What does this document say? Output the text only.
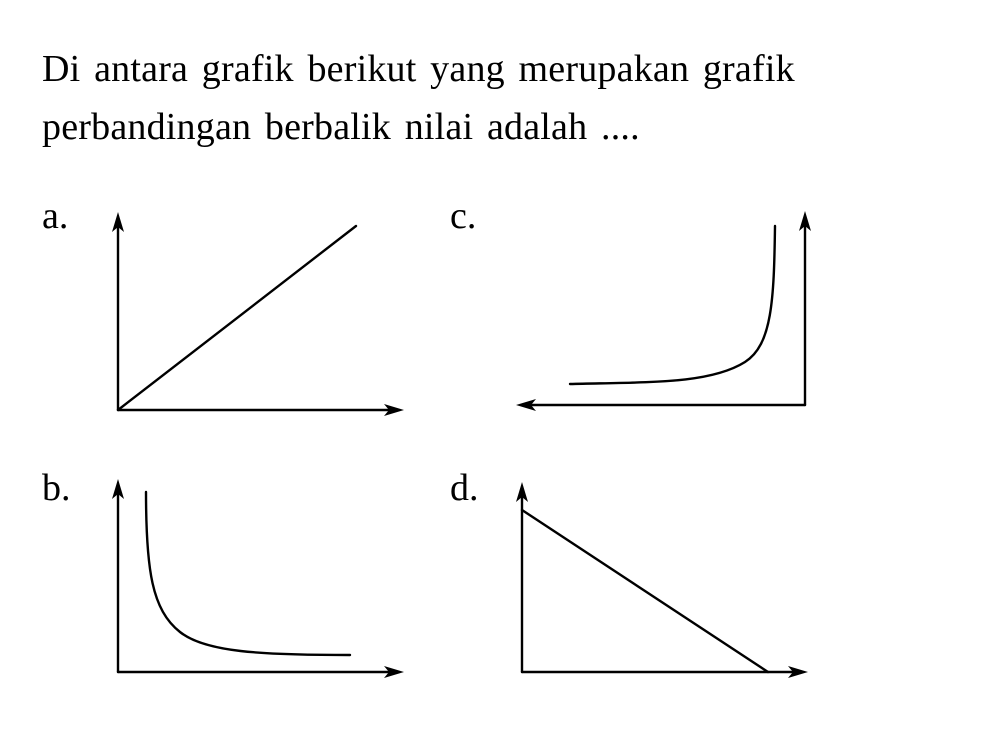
Di antara grafik berikut yang merupakan grafik
perbandingan berbalik nilai adalah ....
a.	c.
b.	d.
